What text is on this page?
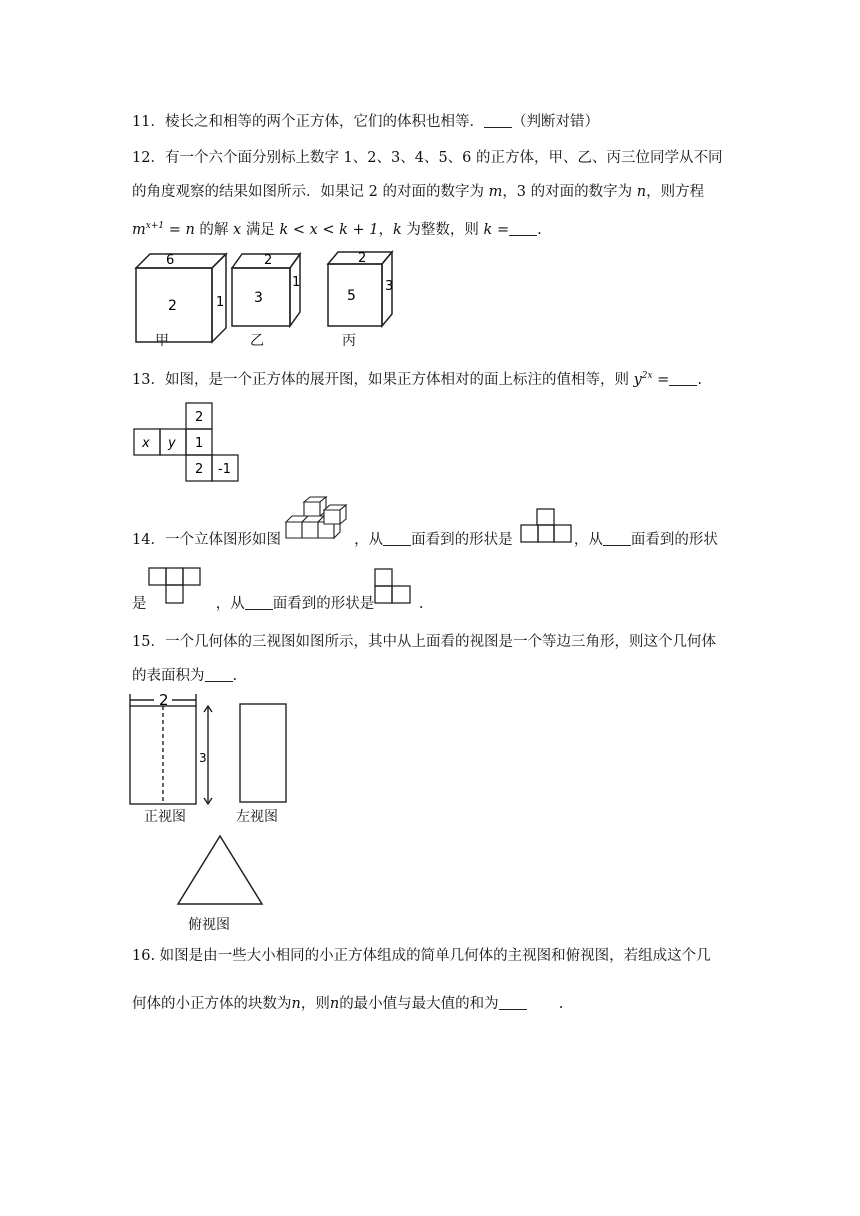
11．棱长之和相等的两个正方体，它们的体积也相等． （判断对错）
12．有一个六个面分别标上数字 1、2、3、4、5、6 的正方体，甲、乙、丙三位同学从不同
的角度观察的结果如图所示．如果记 2 的对面的数字为 m，3 的对面的数字为 n，则方程
$m^{x+1} = n$ 的解 x 满足 k < x < k + 1，k 为整数，则 k = .
6
2	1
2
3
1
2
5
3
甲	乙	丙
13．如图，是一个正方体的展开图，如果正方体相对的面上标注的值相等，则 $y^{2x}$ = .
2
x y 1
2 -1
14．一个立体图形如图	，从 面看到的形状是	，从 面看到的形状
是	，从 面看到的形状是	.
15．一个几何体的三视图如图所示，其中从上面看的视图是一个等边三角形，则这个几何体
的表面积为 .
2
3
正视图	左视图
俯视图
16. 如图是由一些大小相同的小正方体组成的简单几何体的主视图和俯视图，若组成这个几
何体的小正方体的块数为n，则n的最小值与最大值的和为	.
